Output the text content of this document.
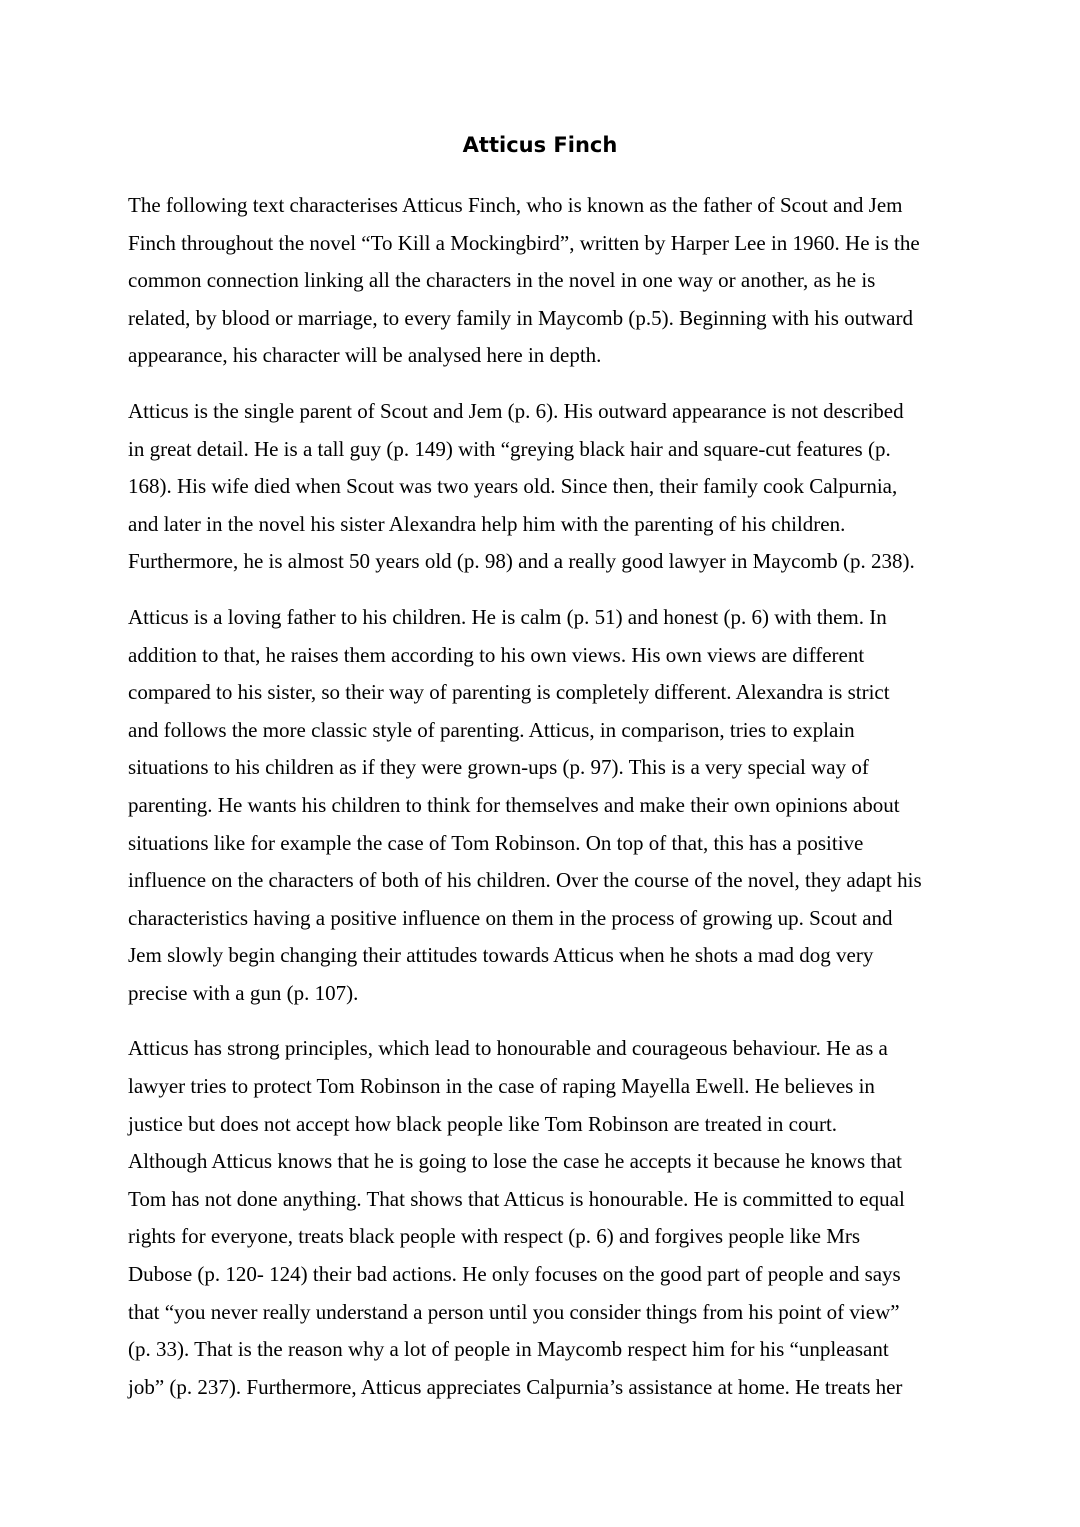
Atticus Finch

The following text characterises Atticus Finch, who is known as the father of Scout and Jem
Finch throughout the novel “To Kill a Mockingbird”, written by Harper Lee in 1960. He is the
common connection linking all the characters in the novel in one way or another, as he is
related, by blood or marriage, to every family in Maycomb (p.5). Beginning with his outward
appearance, his character will be analysed here in depth.

Atticus is the single parent of Scout and Jem (p. 6). His outward appearance is not described
in great detail. He is a tall guy (p. 149) with “greying black hair and square-cut features (p.
168). His wife died when Scout was two years old. Since then, their family cook Calpurnia,
and later in the novel his sister Alexandra help him with the parenting of his children.
Furthermore, he is almost 50 years old (p. 98) and a really good lawyer in Maycomb (p. 238).

Atticus is a loving father to his children. He is calm (p. 51) and honest (p. 6) with them. In
addition to that, he raises them according to his own views. His own views are different
compared to his sister, so their way of parenting is completely different. Alexandra is strict
and follows the more classic style of parenting. Atticus, in comparison, tries to explain
situations to his children as if they were grown-ups (p. 97). This is a very special way of
parenting. He wants his children to think for themselves and make their own opinions about
situations like for example the case of Tom Robinson. On top of that, this has a positive
influence on the characters of both of his children. Over the course of the novel, they adapt his
characteristics having a positive influence on them in the process of growing up. Scout and
Jem slowly begin changing their attitudes towards Atticus when he shots a mad dog very
precise with a gun (p. 107).

Atticus has strong principles, which lead to honourable and courageous behaviour. He as a
lawyer tries to protect Tom Robinson in the case of raping Mayella Ewell. He believes in
justice but does not accept how black people like Tom Robinson are treated in court.
Although Atticus knows that he is going to lose the case he accepts it because he knows that
Tom has not done anything. That shows that Atticus is honourable. He is committed to equal
rights for everyone, treats black people with respect (p. 6) and forgives people like Mrs
Dubose (p. 120- 124) their bad actions. He only focuses on the good part of people and says
that “you never really understand a person until you consider things from his point of view”
(p. 33). That is the reason why a lot of people in Maycomb respect him for his “unpleasant
job” (p. 237). Furthermore, Atticus appreciates Calpurnia’s assistance at home. He treats her
